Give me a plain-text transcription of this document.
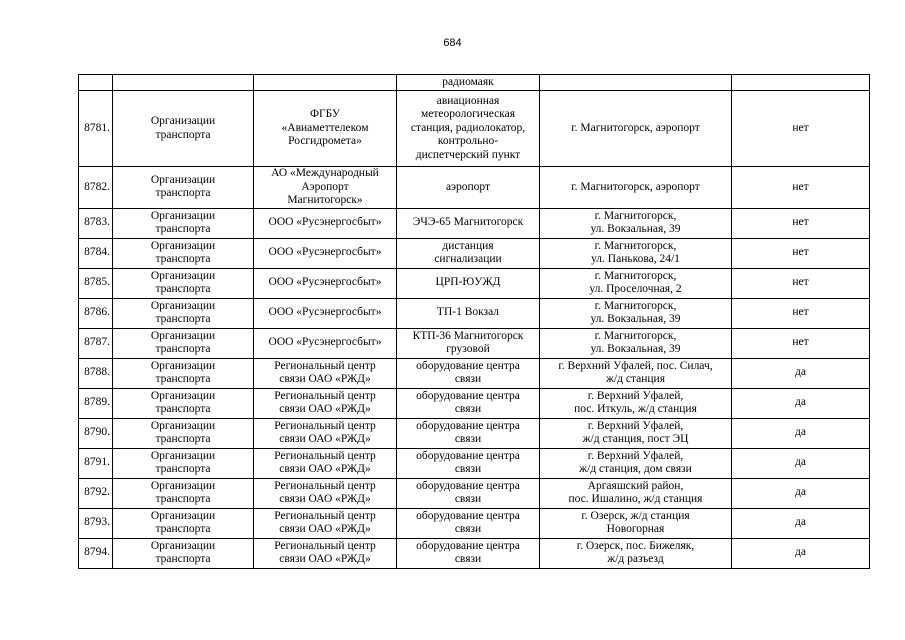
684
			радиомаяк		
8781.	Организации
транспорта	ФГБУ
«Авиаметтелеком
Росгидромета»	авиационная
метеорологическая
станция, радиолокатор,
контрольно-
диспетчерский пункт	г. Магнитогорск, аэропорт	нет
8782.	Организации
транспорта	АО «Международный
Аэропорт
Магнитогорск»	аэропорт	г. Магнитогорск, аэропорт	нет
8783.	Организации
транспорта	ООО «Русэнергосбыт»	ЭЧЭ-65 Магнитогорск	г. Магнитогорск,
ул. Вокзальная, 39	нет
8784.	Организации
транспорта	ООО «Русэнергосбыт»	дистанция
сигнализации	г. Магнитогорск,
ул. Панькова, 24/1	нет
8785.	Организации
транспорта	ООО «Русэнергосбыт»	ЦРП-ЮУЖД	г. Магнитогорск,
ул. Проселочная, 2	нет
8786.	Организации
транспорта	ООО «Русэнергосбыт»	ТП-1 Вокзал	г. Магнитогорск,
ул. Вокзальная, 39	нет
8787.	Организации
транспорта	ООО «Русэнергосбыт»	КТП-36 Магнитогорск
грузовой	г. Магнитогорск,
ул. Вокзальная, 39	нет
8788.	Организации
транспорта	Региональный центр
связи ОАО «РЖД»	оборудование центра
связи	г. Верхний Уфалей, пос. Силач,
ж/д станция	да
8789.	Организации
транспорта	Региональный центр
связи ОАО «РЖД»	оборудование центра
связи	г. Верхний Уфалей,
пос. Иткуль, ж/д станция	да
8790.	Организации
транспорта	Региональный центр
связи ОАО «РЖД»	оборудование центра
связи	г. Верхний Уфалей,
ж/д станция, пост ЭЦ	да
8791.	Организации
транспорта	Региональный центр
связи ОАО «РЖД»	оборудование центра
связи	г. Верхний Уфалей,
ж/д станция, дом связи	да
8792.	Организации
транспорта	Региональный центр
связи ОАО «РЖД»	оборудование центра
связи	Аргаяшский район,
пос. Ишалино, ж/д станция	да
8793.	Организации
транспорта	Региональный центр
связи ОАО «РЖД»	оборудование центра
связи	г. Озерск, ж/д станция
Новогорная	да
8794.	Организации
транспорта	Региональный центр
связи ОАО «РЖД»	оборудование центра
связи	г. Озерск, пос. Бижеляк,
ж/д разъезд	да
